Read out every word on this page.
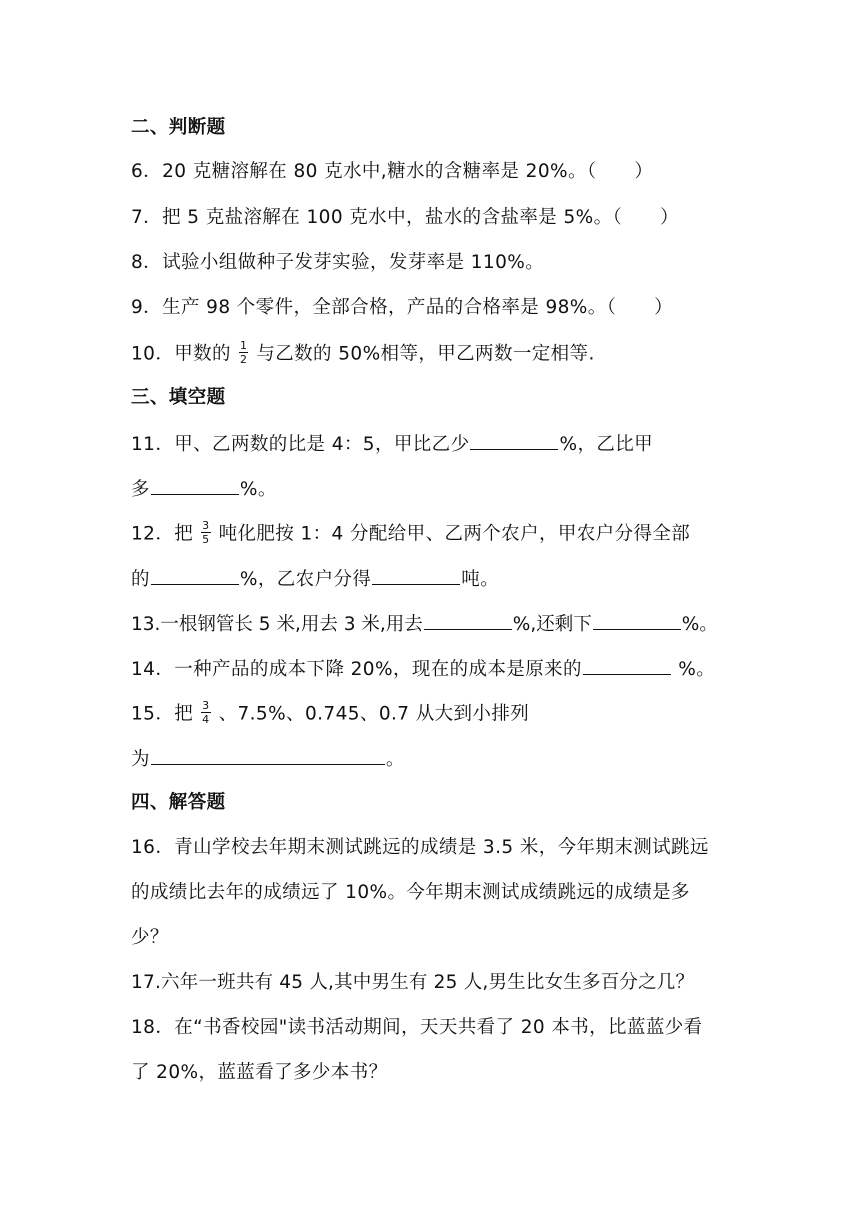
二、判断题
6．20 克糖溶解在 80 克水中,糖水的含糖率是 20%。（　　）
7．把 5 克盐溶解在 100 克水中，盐水的含盐率是 5%。（　　）
8．试验小组做种子发芽实验，发芽率是 110%。
9．生产 98 个零件，全部合格，产品的合格率是 98%。（　　）
10．甲数的 $\frac{1}{2}$ 与乙数的 50%相等，甲乙两数一定相等.
三、填空题
11．甲、乙两数的比是 4：5，甲比乙少	%，乙比甲
多	%。
12．把 $\frac{3}{5}$ 吨化肥按 1：4 分配给甲、乙两个农户，甲农户分得全部
的	%，乙农户分得	吨。
13.一根钢管长 5 米,用去 3 米,用去	%,还剩下	%。
14．一种产品的成本下降 20%，现在的成本是原来的	%。
15．把 $\frac{3}{4}$ 、7.5%、0.745、0.7 从大到小排列
为	。
四、解答题
16．青山学校去年期末测试跳远的成绩是 3.5 米，今年期末测试跳远
的成绩比去年的成绩远了 10%。今年期末测试成绩跳远的成绩是多
少？
17.六年一班共有 45 人,其中男生有 25 人,男生比女生多百分之几？
18．在“书香校园"读书活动期间，天天共看了 20 本书，比蓝蓝少看
了 20%，蓝蓝看了多少本书？
